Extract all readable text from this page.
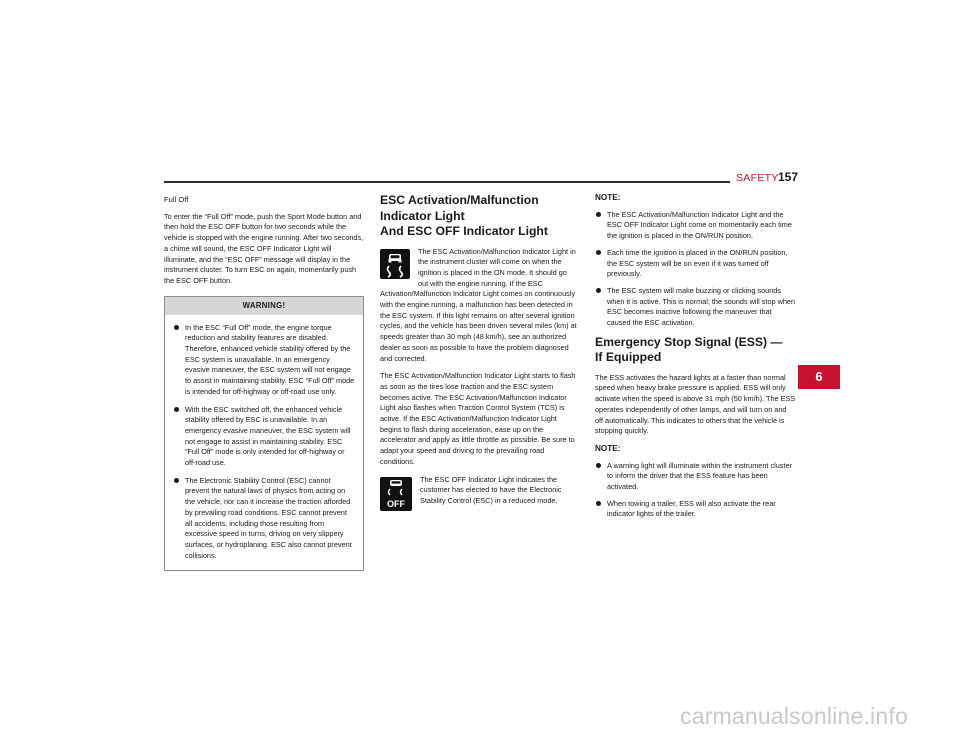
SAFETY 157
Full Off

To enter the “Full Off” mode, push the Sport Mode button and then hold the ESC OFF button for two seconds while the vehicle is stopped with the engine running. After two seconds, a chime will sound, the ESC OFF Indicator Light will illuminate, and the “ESC OFF” message will display in the instrument cluster. To turn ESC on again, momentarily push the ESC OFF button.

WARNING!
In the ESC “Full Off” mode, the engine torque reduction and stability features are disabled. Therefore, enhanced vehicle stability offered by the ESC system is unavailable. In an emergency evasive maneuver, the ESC system will not engage to assist in maintaining stability. ESC “Full Off” mode is intended for off-highway or off-road use only.
With the ESC switched off, the enhanced vehicle stability offered by ESC is unavailable. In an emergency evasive maneuver, the ESC system will not engage to assist in maintaining stability. ESC “Full Off” mode is only intended for off-highway or off-road use.
The Electronic Stability Control (ESC) cannot prevent the natural laws of physics from acting on the vehicle, nor can it increase the traction afforded by prevailing road conditions. ESC cannot prevent all accidents, including those resulting from excessive speed in turns, driving on very slippery surfaces, or hydroplaning. ESC also cannot prevent collisions.
ESC Activation/Malfunction Indicator Light
And ESC OFF Indicator Light
The ESC Activation/Malfunction Indicator Light in the instrument cluster will come on when the ignition is placed in the ON mode. It should go out with the engine running. If the ESC Activation/Malfunction Indicator Light comes on continuously with the engine running, a malfunction has been detected in the ESC system. If this light remains on after several ignition cycles, and the vehicle has been driven several miles (km) at speeds greater than 30 mph (48 km/h), see an authorized dealer as soon as possible to have the problem diagnosed and corrected.

The ESC Activation/Malfunction Indicator Light starts to flash as soon as the tires lose traction and the ESC system becomes active. The ESC Activation/Malfunction Indicator Light also flashes when Traction Control System (TCS) is active. If the ESC Activation/Malfunction Indicator Light begins to flash during acceleration, ease up on the accelerator and apply as little throttle as possible. Be sure to adapt your speed and driving to the prevailing road conditions.

OFF
The ESC OFF Indicator Light indicates the customer has elected to have the Electronic Stability Control (ESC) in a reduced mode.
NOTE:
The ESC Activation/Malfunction Indicator Light and the ESC OFF Indicator Light come on momentarily each time the ignition is placed in the ON/RUN position.
Each time the ignition is placed in the ON/RUN position, the ESC system will be on even if it was turned off previously.
The ESC system will make buzzing or clicking sounds when it is active. This is normal; the sounds will stop when ESC becomes inactive following the maneuver that caused the ESC activation.
Emergency Stop Signal (ESS) —
If Equipped

The ESS activates the hazard lights at a faster than normal speed when heavy brake pressure is applied. ESS will only activate when the speed is above 31 mph (50 km/h). The ESS operates independently of other lamps, and will turn on and off automatically. This indicates to others that the vehicle is stopping quickly.

NOTE:
A warning light will illuminate within the instrument cluster to inform the driver that the ESS feature has been activated.
When towing a trailer, ESS will also activate the rear indicator lights of the trailer.
6
carmanualsonline.info
